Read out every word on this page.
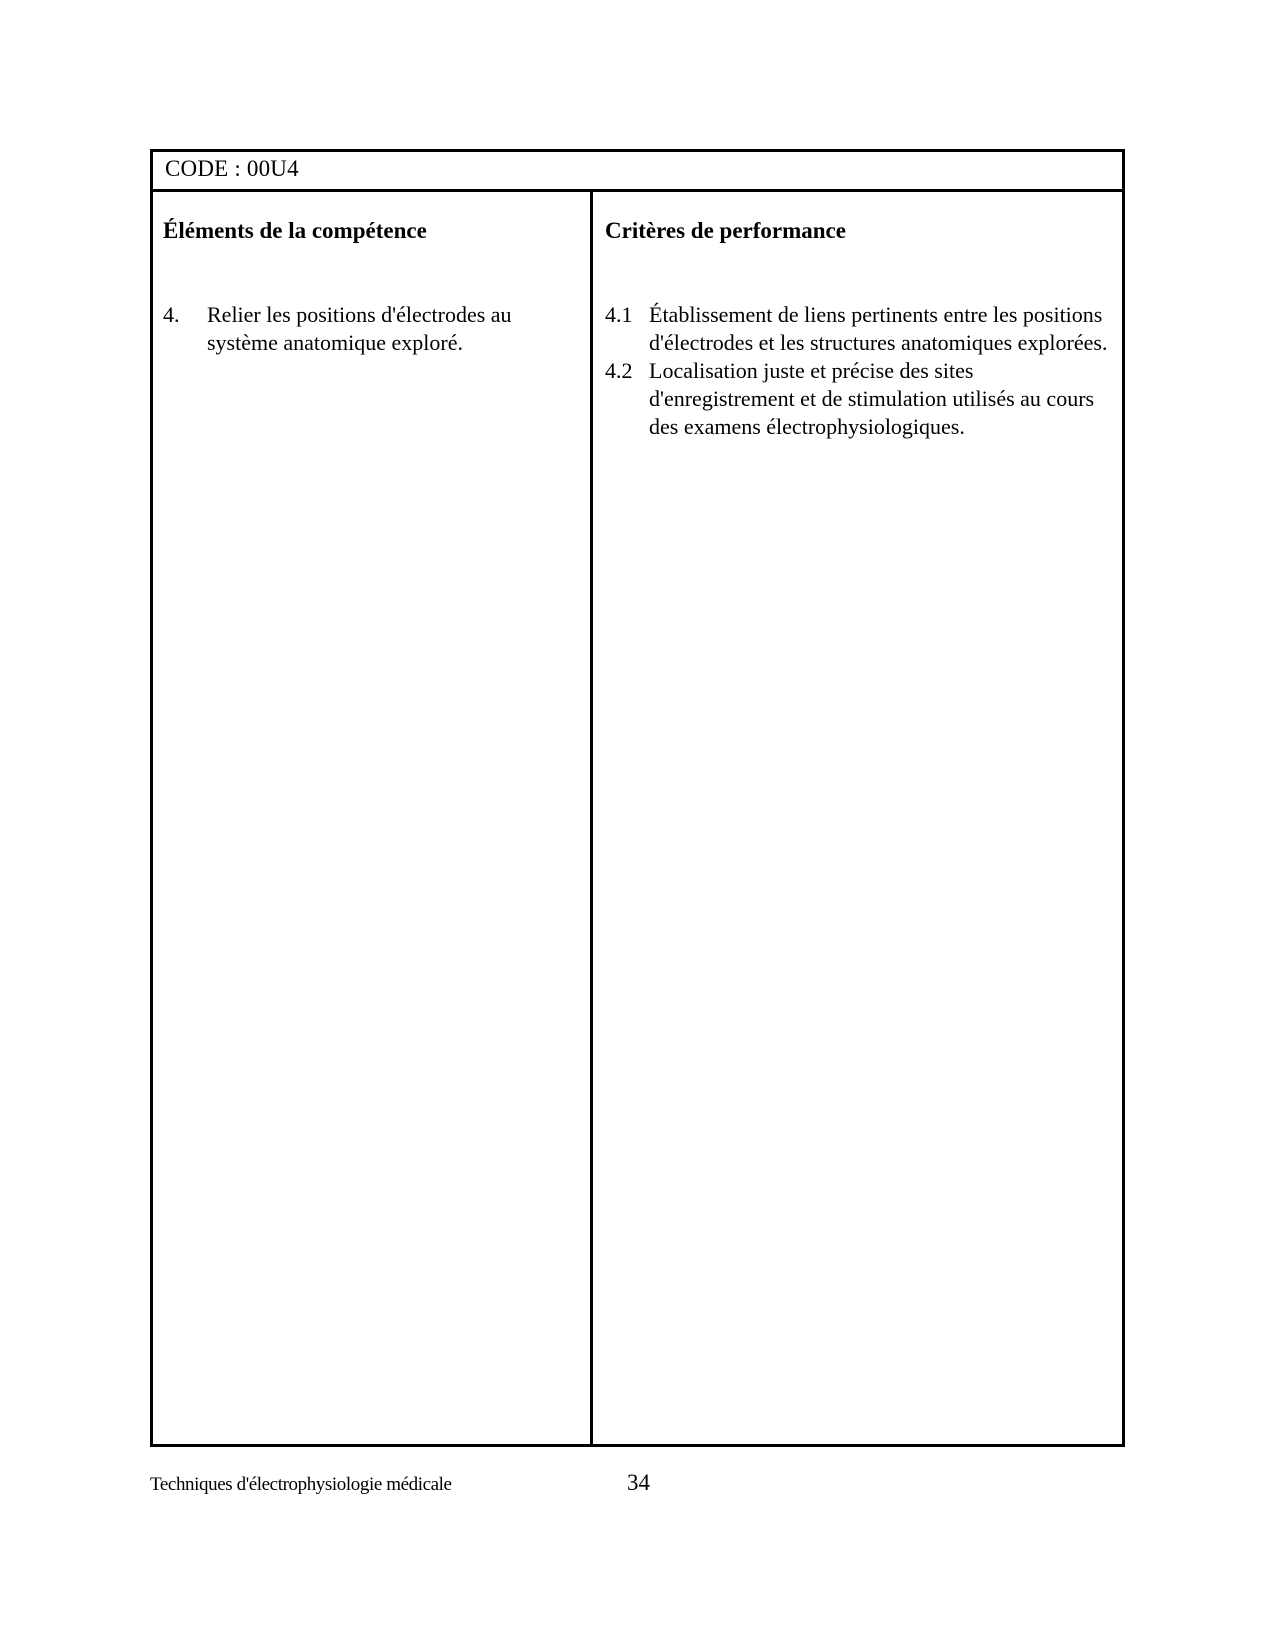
CODE : 00U4
Éléments de la compétence
4.	Relier les positions d'électrodes au système anatomique exploré.
Critères de performance
4.1 Établissement de liens pertinents entre les positions d'électrodes et les structures anatomiques explorées.
4.2 Localisation juste et précise des sites d'enregistrement et de stimulation utilisés au cours des examens électrophysiologiques.
Techniques d'électrophysiologie médicale	34
